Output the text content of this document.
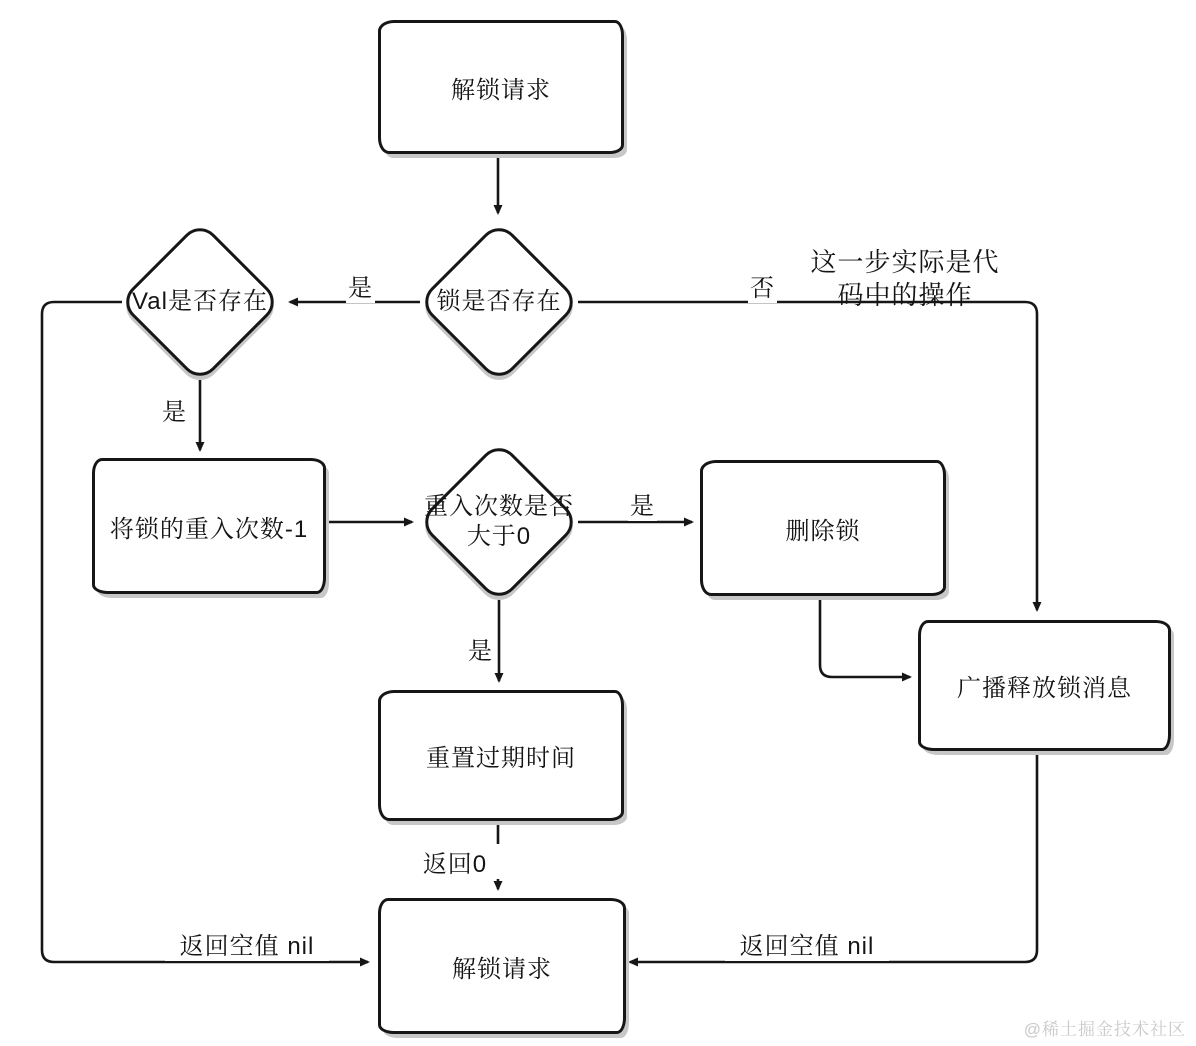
解锁请求
将锁的重入次数-1	删除锁
广播释放锁消息
重置过期时间
解锁请求
锁是否存在
Val是否存在
重入次数是否
大于0
是	否
是
是
是
返回0
返回空值 nil	返回空值 nil
这一步实际是代
码中的操作
@稀土掘金技术社区
